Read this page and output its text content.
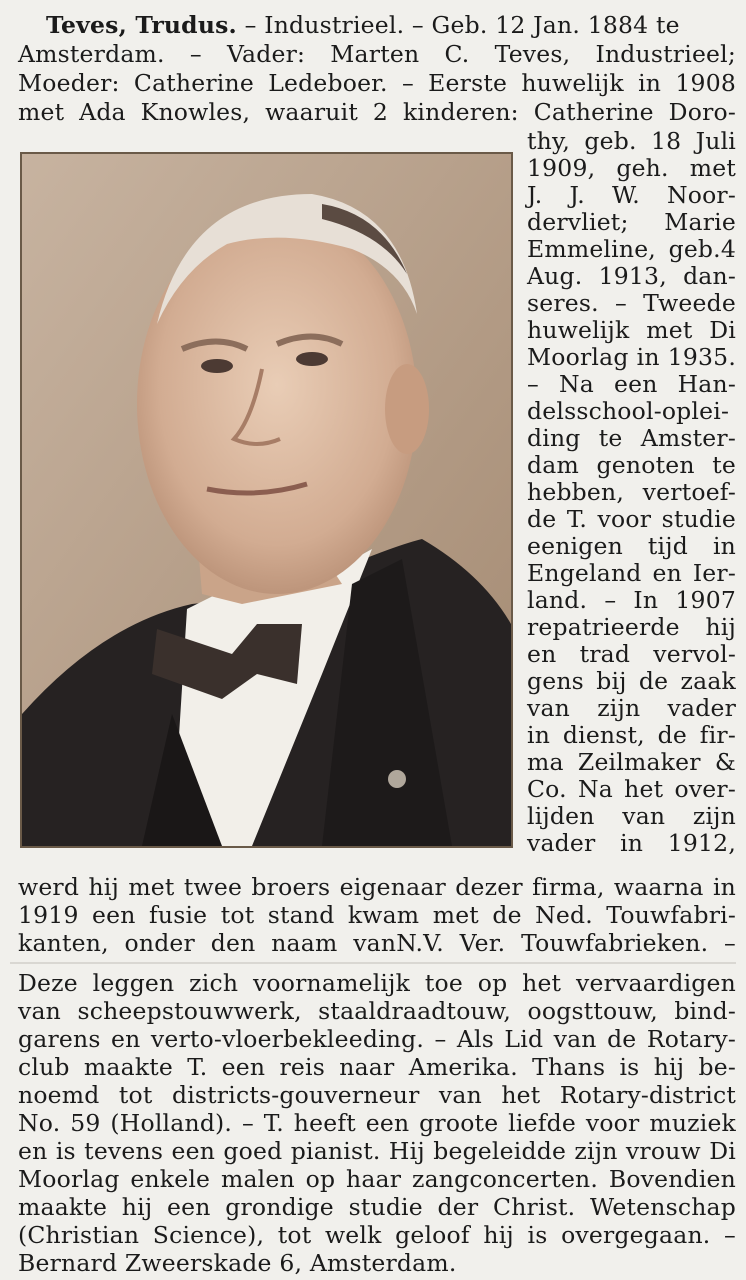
Teves, Trudus. – Industrieel. – Geb. 12 Jan. 1884 te
Amsterdam. – Vader: Marten C. Teves, Industrieel;
Moeder: Catherine Ledeboer. – Eerste huwelijk in 1908
met Ada Knowles, waaruit 2 kinderen: Catherine Doro-
thy, geb. 18 Juli
1909, geh. met
J. J. W. Noor-
dervliet; Marie
Emmeline, geb.4
Aug. 1913, dan-
seres. – Tweede
huwelijk met Di
Moorlag in 1935.
– Na een Han-
delsschool-oplei-
ding te Amster-
dam genoten te
hebben, vertoef-
de T. voor studie
eenigen tijd in
Engeland en Ier-
land. – In 1907
repatrieerde hij
en trad vervol-
gens bij de zaak
van zijn vader
in dienst, de fir-
ma Zeilmaker &
Co. Na het over-
lijden van zijn
vader in 1912,
werd hij met twee broers eigenaar dezer firma, waarna in
1919 een fusie tot stand kwam met de Ned. Touwfabri-
kanten, onder den naam vanN.V. Ver. Touwfabrieken. –
Deze leggen zich voornamelijk toe op het vervaardigen
van scheepstouwwerk, staaldraadtouw, oogsttouw, bind-
garens en verto-vloerbekleeding. – Als Lid van de Rotary-
club maakte T. een reis naar Amerika. Thans is hij be-
noemd tot districts-gouverneur van het Rotary-district
No. 59 (Holland). – T. heeft een groote liefde voor muziek
en is tevens een goed pianist. Hij begeleidde zijn vrouw Di
Moorlag enkele malen op haar zangconcerten. Bovendien
maakte hij een grondige studie der Christ. Wetenschap
(Christian Science), tot welk geloof hij is overgegaan. –
Bernard Zweerskade 6, Amsterdam.
